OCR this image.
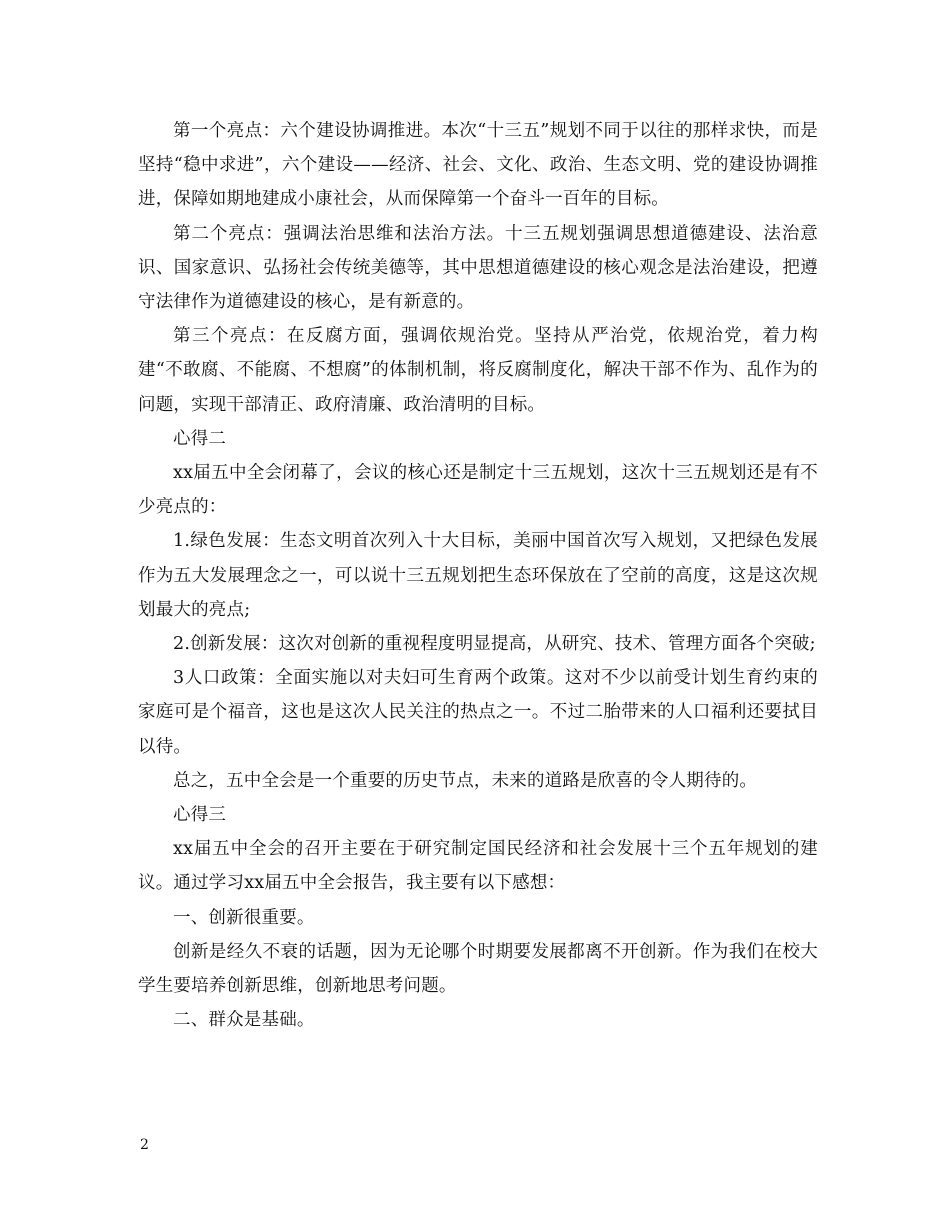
第一个亮点：六个建设协调推进。本次“十三五”规划不同于以往的那样求快，而是坚持“稳中求进”，六个建设——经济、社会、文化、政治、生态文明、党的建设协调推进，保障如期地建成小康社会，从而保障第一个奋斗一百年的目标。

第二个亮点：强调法治思维和法治方法。十三五规划强调思想道德建设、法治意识、国家意识、弘扬社会传统美德等，其中思想道德建设的核心观念是法治建设，把遵守法律作为道德建设的核心，是有新意的。

第三个亮点：在反腐方面，强调依规治党。坚持从严治党，依规治党，着力构建“不敢腐、不能腐、不想腐”的体制机制，将反腐制度化，解决干部不作为、乱作为的问题，实现干部清正、政府清廉、政治清明的目标。

心得二

xx届五中全会闭幕了，会议的核心还是制定十三五规划，这次十三五规划还是有不少亮点的：

1.绿色发展：生态文明首次列入十大目标，美丽中国首次写入规划，又把绿色发展作为五大发展理念之一，可以说十三五规划把生态环保放在了空前的高度，这是这次规划最大的亮点;

2.创新发展：这次对创新的重视程度明显提高，从研究、技术、管理方面各个突破;

3人口政策：全面实施以对夫妇可生育两个政策。这对不少以前受计划生育约束的家庭可是个福音，这也是这次人民关注的热点之一。不过二胎带来的人口福利还要拭目以待。

总之，五中全会是一个重要的历史节点，未来的道路是欣喜的令人期待的。

心得三

xx届五中全会的召开主要在于研究制定国民经济和社会发展十三个五年规划的建议。通过学习xx届五中全会报告，我主要有以下感想：

一、创新很重要。

创新是经久不衰的话题，因为无论哪个时期要发展都离不开创新。作为我们在校大学生要培养创新思维，创新地思考问题。

二、群众是基础。

2
